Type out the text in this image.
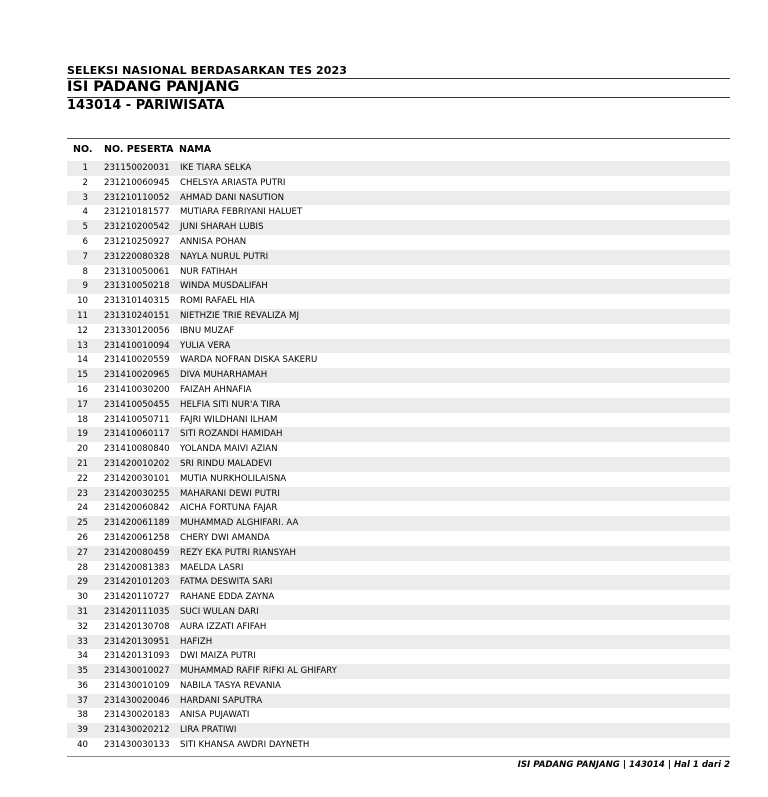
SELEKSI NASIONAL BERDASARKAN TES 2023
ISI PADANG PANJANG
143014 - PARIWISATA
NO. NO. PESERTA NAMA
1 231150020031 IKE TIARA SELKA
2 231210060945 CHELSYA ARIASTA PUTRI
3 231210110052 AHMAD DANI NASUTION
4 231210181577 MUTIARA FEBRIYANI HALUET
5 231210200542 JUNI SHARAH LUBIS
6 231210250927 ANNISA POHAN
7 231220080328 NAYLA NURUL PUTRI
8 231310050061 NUR FATIHAH
9 231310050218 WINDA MUSDALIFAH
10 231310140315 ROMI RAFAEL HIA
11 231310240151 NIETHZIE TRIE REVALIZA MJ
12 231330120056 IBNU MUZAF
13 231410010094 YULIA VERA
14 231410020559 WARDA NOFRAN DISKA SAKERU
15 231410020965 DIVA MUHARHAMAH
16 231410030200 FAIZAH AHNAFIA
17 231410050455 HELFIA SITI NUR'A TIRA
18 231410050711 FAJRI WILDHANI ILHAM
19 231410060117 SITI ROZANDI HAMIDAH
20 231410080840 YOLANDA MAIVI AZIAN
21 231420010202 SRI RINDU MALADEVI
22 231420030101 MUTIA NURKHOLILAISNA
23 231420030255 MAHARANI DEWI PUTRI
24 231420060842 AICHA FORTUNA FAJAR
25 231420061189 MUHAMMAD ALGHIFARI. AA
26 231420061258 CHERY DWI AMANDA
27 231420080459 REZY EKA PUTRI RIANSYAH
28 231420081383 MAELDA LASRI
29 231420101203 FATMA DESWITA SARI
30 231420110727 RAHANE EDDA ZAYNA
31 231420111035 SUCI WULAN DARI
32 231420130708 AURA IZZATI AFIFAH
33 231420130951 HAFIZH
34 231420131093 DWI MAIZA PUTRI
35 231430010027 MUHAMMAD RAFIF RIFKI AL GHIFARY
36 231430010109 NABILA TASYA REVANIA
37 231430020046 HARDANI SAPUTRA
38 231430020183 ANISA PUJAWATI
39 231430020212 LIRA PRATIWI
40 231430030133 SITI KHANSA AWDRI DAYNETH
ISI PADANG PANJANG | 143014 | Hal 1 dari 2
